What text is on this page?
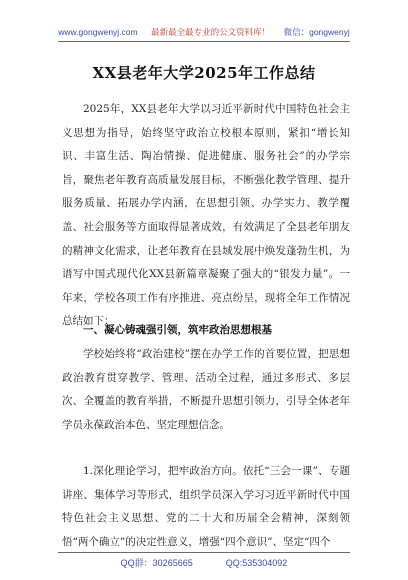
www.gongwenyj.com 最新最全最专业的公文资料库！ 微信：gongwenyj
XX县老年大学2025年工作总结
2025年，XX县老年大学以习近平新时代中国特色社会主义思想为指导，始终坚守政治立校根本原则，紧扣“增长知识、丰富生活、陶冶情操、促进健康、服务社会”的办学宗旨，聚焦老年教育高质量发展目标，不断强化教学管理、提升服务质量、拓展办学内涵，在思想引领、办学实力、教学覆盖、社会服务等方面取得显著成效，有效满足了全县老年朋友的精神文化需求，让老年教育在县域发展中焕发蓬勃生机，为谱写中国式现代化XX县新篇章凝聚了强大的“银发力量”。一年来，学校各项工作有序推进、亮点纷呈，现将全年工作情况总结如下：
一、凝心铸魂强引领，筑牢政治思想根基
学校始终将“政治建校”摆在办学工作的首要位置，把思想政治教育贯穿教学、管理、活动全过程，通过多形式、多层次、全覆盖的教育举措，不断提升思想引领力，引导全体老年学员永葆政治本色、坚定理想信念。
1.深化理论学习，把牢政治方向。依托“三会一课”、专题讲座、集体学习等形式，组织学员深入学习习近平新时代中国特色社会主义思想、党的二十大和历届全会精神，深刻领悟“两个确立”的决定性意义，增强“四个意识”、坚定“四个
QQ群：30265665	QQ:535304092
